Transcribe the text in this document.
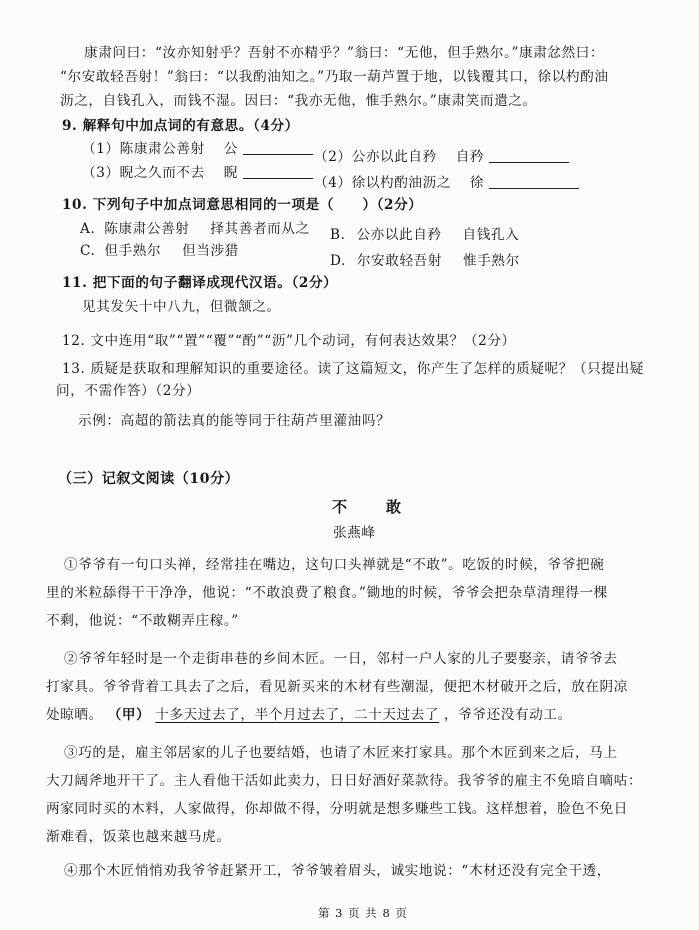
康肃问曰：“汝亦知射乎？吾射不亦精乎？”翁曰：“无他，但手熟尔。”康肃忿然曰：
“尔安敢轻吾射！”翁曰：“以我酌油知之。”乃取一葫芦置于地，以钱覆其口，徐以杓酌油
沥之，自钱孔入，而钱不湿。因曰：“我亦无他，惟手熟尔。”康肃笑而遣之。
9. 解释句中加点词的有意思。（4分）
（1）陈康肃公善射 公	（2）公亦以此自矜 自矜
（3）睨之久而不去 睨
（4）徐以杓酌油沥之 徐
10. 下列句子中加点词意思相同的一项是（　　）（2分）
A. 陈康肃公善射 择其善者而从之 B. 公亦以此自矜 自钱孔入
C. 但手熟尔 但当涉猎
D. 尔安敢轻吾射 惟手熟尔
11. 把下面的句子翻译成现代汉语。（2分）
见其发矢十中八九，但微颔之。
12. 文中连用“取”“置”“覆”“酌”“沥”几个动词，有何表达效果？（2分）
13. 质疑是获取和理解知识的重要途径。读了这篇短文，你产生了怎样的质疑呢？（只提出疑
问，不需作答）（2分）
示例：高超的箭法真的能等同于往葫芦里灌油吗？
（三）记叙文阅读（10分）
不　敢
张燕峰
①爷爷有一句口头禅，经常挂在嘴边，这句口头禅就是“不敢”。吃饭的时候，爷爷把碗
里的米粒舔得干干净净，他说：“不敢浪费了粮食。”锄地的时候，爷爷会把杂草清理得一棵
不剩，他说：“不敢糊弄庄稼。”
②爷爷年轻时是一个走街串巷的乡间木匠。一日，邻村一户人家的儿子要娶亲，请爷爷去
打家具。爷爷背着工具去了之后，看见新买来的木材有些潮湿，便把木材破开之后，放在阴凉
处晾晒。 （甲） 十多天过去了，半个月过去了，二十天过去了 ，爷爷还没有动工。
③巧的是，雇主邻居家的儿子也要结婚，也请了木匠来打家具。那个木匠到来之后，马上
大刀阔斧地开干了。主人看他干活如此卖力，日日好酒好菜款待。我爷爷的雇主不免暗自嘀咕：
两家同时买的木料，人家做得，你却做不得，分明就是想多赚些工钱。这样想着，脸色不免日
渐难看，饭菜也越来越马虎。
④那个木匠悄悄劝我爷爷赶紧开工，爷爷皱着眉头，诚实地说：“木材还没有完全干透，
第 3 页 共 8 页
